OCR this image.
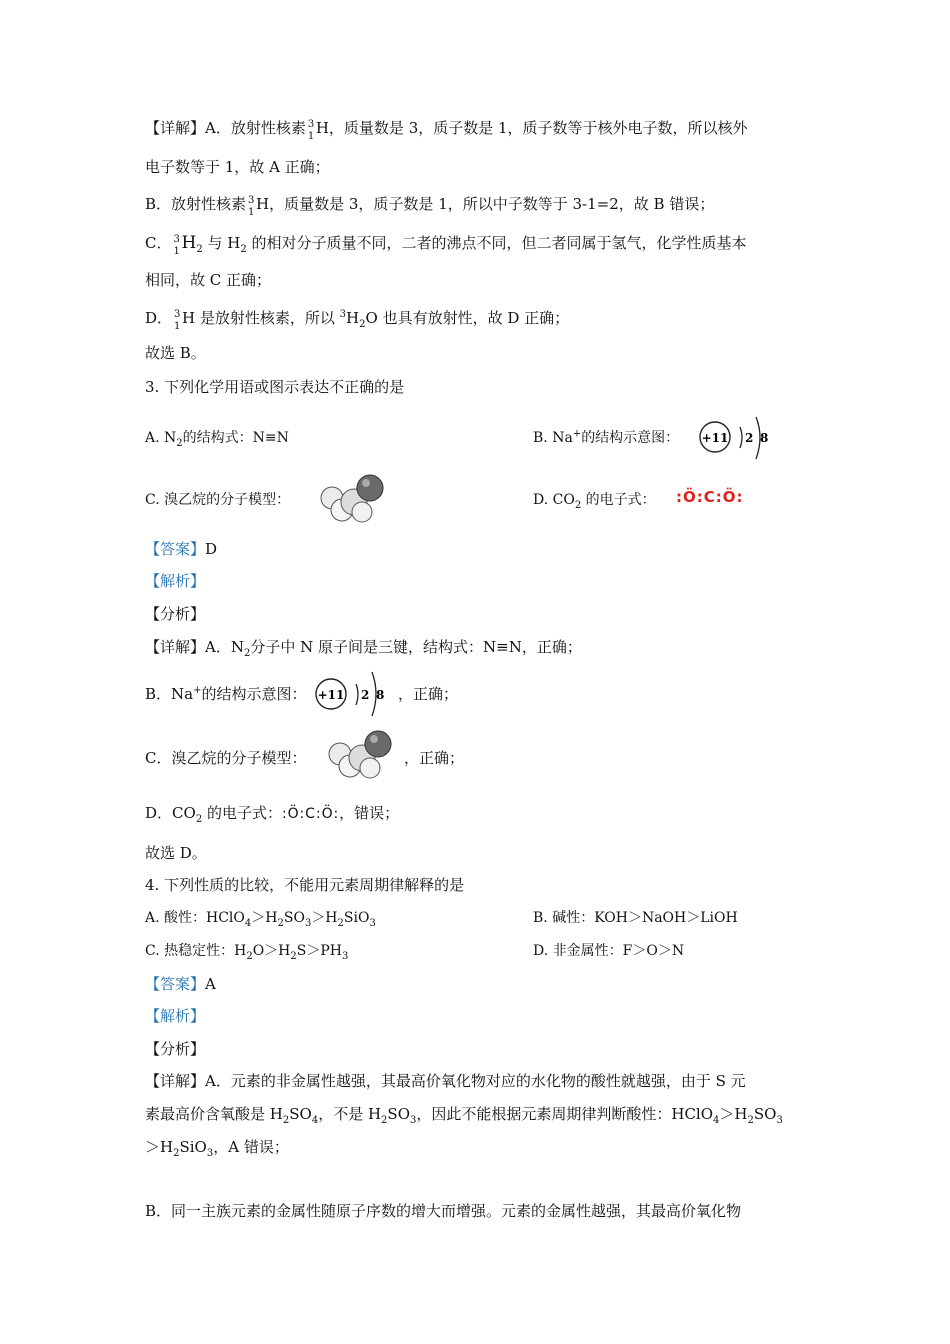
【详解】A．放射性核素 3
1 H，质量数是 3，质子数是 1，质子数等于核外电子数，所以核外
电子数等于 1，故 A 正确；
B．放射性核素 3
1 H，质量数是 3，质子数是 1，所以中子数等于 3-1=2，故 B 错误；
C． 3
1 $H_2$ 与 $H_2$ 的相对分子质量不同，二者的沸点不同，但二者同属于氢气，化学性质基本
相同，故 C 正确；
D． 3
1 H 是放射性核素，所以 $^3H_2O$ 也具有放射性，故 D 正确；
故选 B。
3. 下列化学用语或图示表达不正确的是
A. $N_2$的结构式：N≡N	B. Na+的结构示意图： +11 2 8
C. 溴乙烷的分子模型：	D. $CO_2$ 的电子式： :Ö:C:Ö:
【答案】D
【解析】
【分析】
【详解】A．$N_2$分子中 N 原子间是三键，结构式：N≡N，正确；
B．Na+的结构示意图： +11 2 8 ，正确；
C．溴乙烷的分子模型：	，正确；
D．$CO_2$ 的电子式：:Ö:C:Ö:，错误；
故选 D。
4. 下列性质的比较，不能用元素周期律解释的是
A. 酸性：$HClO_4>H_2SO_3>H_2SiO_3$	B. 碱性：KOH＞NaOH＞LiOH
C. 热稳定性：$H_2O>H_2S>PH_3$	D. 非金属性：F＞O＞N
【答案】A
【解析】
【分析】
【详解】A．元素的非金属性越强，其最高价氧化物对应的水化物的酸性就越强，由于 S 元
素最高价含氧酸是 $H_2SO_4$，不是 $H_2SO_3$，因此不能根据元素周期律判断酸性：$HClO_4>H_2SO_3$
$>H_2SiO_3$，A 错误；
B．同一主族元素的金属性随原子序数的增大而增强。元素的金属性越强，其最高价氧化物
